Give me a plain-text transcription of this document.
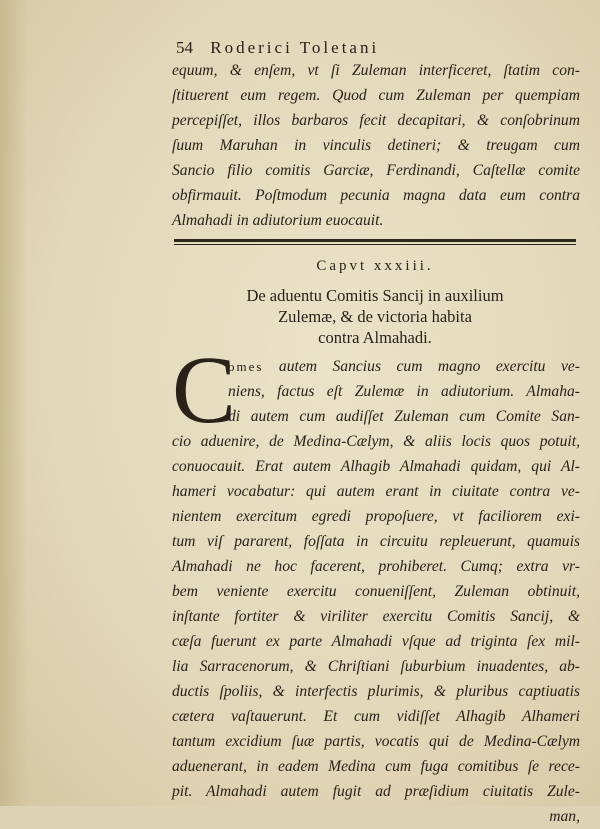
54 Roderici Toletani
equum, & enſem, vt ſi Zuleman interficeret, ſtatim con-
ſtituerent eum regem. Quod cum Zuleman per quempiam
percepiſſet, illos barbaros fecit decapitari, & conſobrinum
ſuum Maruhan in vinculis detineri; & treugam cum
Sancio filio comitis Garciæ, Ferdinandi, Caſtellæ comite
obfirmauit. Poſtmodum pecunia magna data eum contra
Almahadi in adiutorium euocauit.
Capvt xxxiii.
De aduentu Comitis Sancij in auxilium
Zulemæ, & de victoria habita
contra Almahadi.
C
omes autem Sancius cum magno exercitu ve-
niens, factus eſt Zulemæ in adiutorium. Almaha-
di autem cum audiſſet Zuleman cum Comite San-
cio aduenire, de Medina-Cælym, & aliis locis quos potuit,
conuocauit. Erat autem Alhagib Almahadi quidam, qui Al-
hameri vocabatur: qui autem erant in ciuitate contra ve-
nientem exercitum egredi propoſuere, vt faciliorem exi-
tum viſ pararent, foſſata in circuitu repleuerunt, quamuis
Almahadi ne hoc facerent, prohiberet. Cumq; extra vr-
bem veniente exercitu conueniſſent, Zuleman obtinuit,
inſtante fortiter & viriliter exercitu Comitis Sancij, &
cæſa fuerunt ex parte Almahadi vſque ad triginta ſex mil-
lia Sarracenorum, & Chriſtiani ſuburbium inuadentes, ab-
ductis ſpoliis, & interfectis plurimis, & pluribus captiuatis
cætera vaſtauerunt. Et cum vidiſſet Alhagib Alhameri
tantum excidium ſuæ partis, vocatis qui de Medina-Cælym
aduenerant, in eadem Medina cum fuga comitibus ſe rece-
pit. Almahadi autem fugit ad præſidium ciuitatis Zule-
man,
